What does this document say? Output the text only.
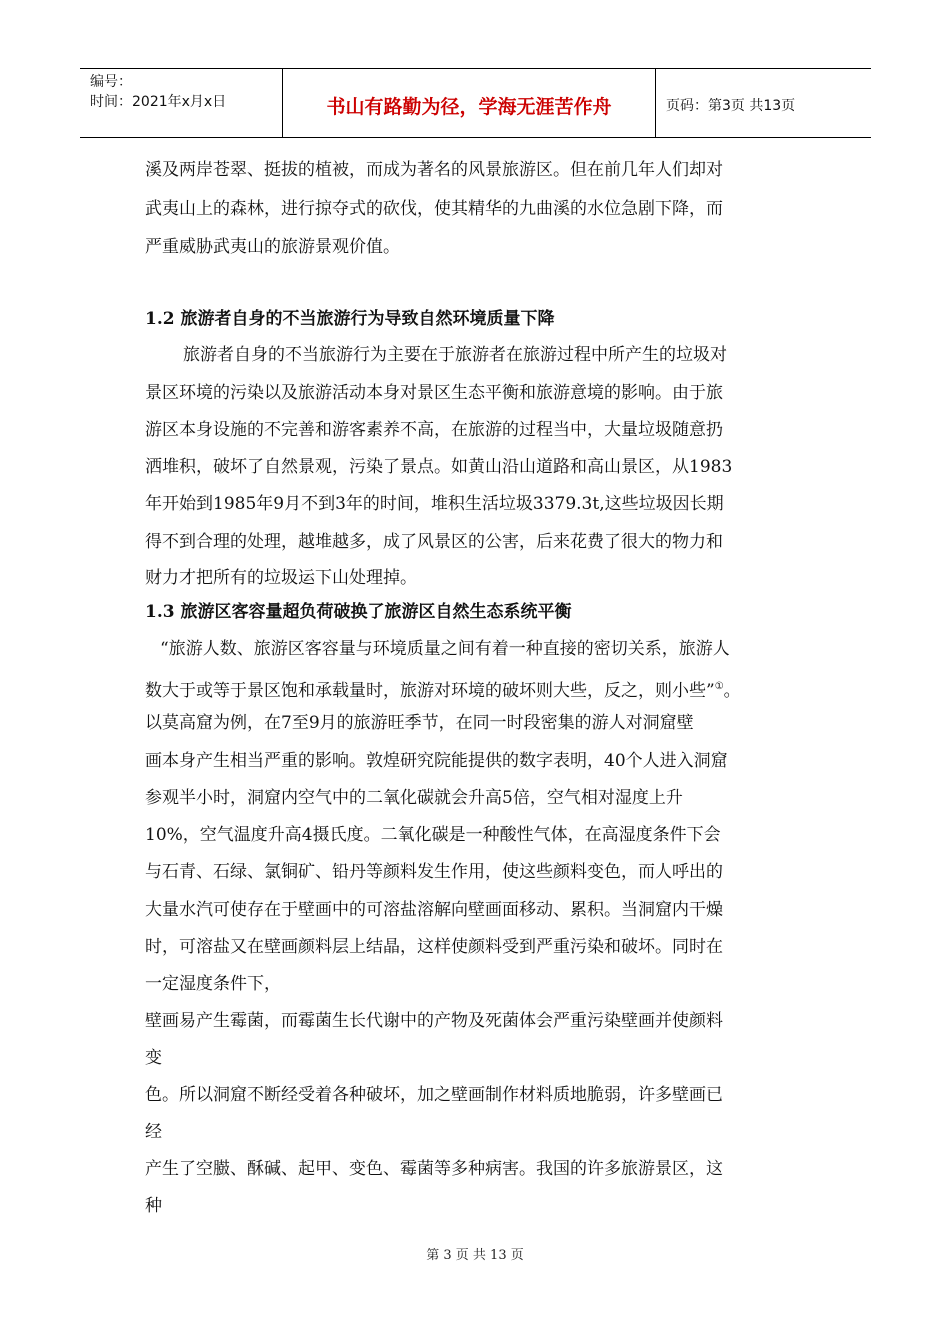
编号：
时间：2021年x月x日	书山有路勤为径，学海无涯苦作舟	页码：第3页 共13页

溪及两岸苍翠、挺拔的植被，而成为著名的风景旅游区。但在前几年人们却对

武夷山上的森林，进行掠夺式的砍伐，使其精华的九曲溪的水位急剧下降，而

严重威胁武夷山的旅游景观价值。

1.2 旅游者自身的不当旅游行为导致自然环境质量下降

旅游者自身的不当旅游行为主要在于旅游者在旅游过程中所产生的垃圾对

景区环境的污染以及旅游活动本身对景区生态平衡和旅游意境的影响。由于旅

游区本身设施的不完善和游客素养不高，在旅游的过程当中，大量垃圾随意扔

洒堆积，破坏了自然景观，污染了景点。如黄山沿山道路和高山景区，从1983

年开始到1985年9月不到3年的时间，堆积生活垃圾3379.3t,这些垃圾因长期

得不到合理的处理，越堆越多，成了风景区的公害，后来花费了很大的物力和

财力才把所有的垃圾运下山处理掉。

1.3 旅游区客容量超负荷破换了旅游区自然生态系统平衡

“旅游人数、旅游区客容量与环境质量之间有着一种直接的密切关系，旅游人

数大于或等于景区饱和承载量时，旅游对环境的破坏则大些，反之，则小些”①。

以莫高窟为例，在7至9月的旅游旺季节，在同一时段密集的游人对洞窟壁

画本身产生相当严重的影响。敦煌研究院能提供的数字表明，40个人进入洞窟

参观半小时，洞窟内空气中的二氧化碳就会升高5倍，空气相对湿度上升

10%，空气温度升高4摄氏度。二氧化碳是一种酸性气体，在高湿度条件下会

与石青、石绿、氯铜矿、铅丹等颜料发生作用，使这些颜料变色，而人呼出的

大量水汽可使存在于壁画中的可溶盐溶解向壁画面移动、累积。当洞窟内干燥

时，可溶盐又在壁画颜料层上结晶，这样使颜料受到严重污染和破坏。同时在

一定湿度条件下，

壁画易产生霉菌，而霉菌生长代谢中的产物及死菌体会严重污染壁画并使颜料

变

色。所以洞窟不断经受着各种破坏，加之壁画制作材料质地脆弱，许多壁画已

经

产生了空臌、酥碱、起甲、变色、霉菌等多种病害。我国的许多旅游景区，这

种

第 3 页 共 13 页
